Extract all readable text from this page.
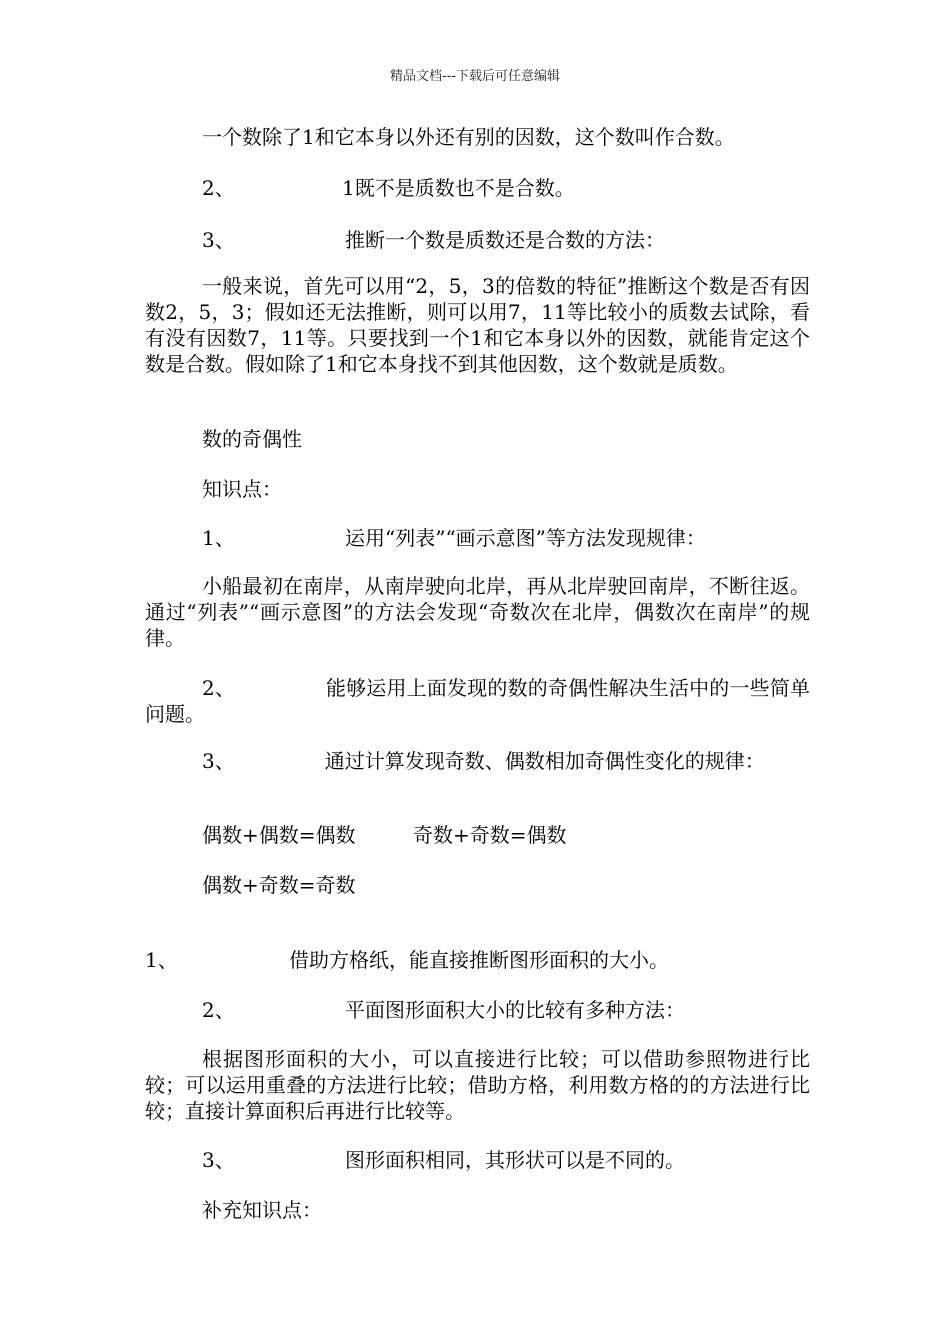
精品文档---下载后可任意编辑
一个数除了1和它本身以外还有别的因数，这个数叫作合数。
2、	1既不是质数也不是合数。
3、	推断一个数是质数还是合数的方法：
一般来说，首先可以用“2，5，3的倍数的特征”推断这个数是否有因数2，5，3；假如还无法推断，则可以用7，11等比较小的质数去试除，看有没有因数7，11等。只要找到一个1和它本身以外的因数，就能肯定这个数是合数。假如除了1和它本身找不到其他因数，这个数就是质数。
数的奇偶性
知识点：
1、	运用“列表”“画示意图”等方法发现规律：
小船最初在南岸，从南岸驶向北岸，再从北岸驶回南岸，不断往返。通过“列表”“画示意图”的方法会发现“奇数次在北岸，偶数次在南岸”的规律。
2、　　　　　能够运用上面发现的数的奇偶性解决生活中的一些简单问题。
3、　　　　　通过计算发现奇数、偶数相加奇偶性变化的规律：
偶数+偶数=偶数	奇数+奇数=偶数
偶数+奇数=奇数
1、	借助方格纸，能直接推断图形面积的大小。
2、	平面图形面积大小的比较有多种方法：
根据图形面积的大小，可以直接进行比较；可以借助参照物进行比较；可以运用重叠的方法进行比较；借助方格，利用数方格的的方法进行比较；直接计算面积后再进行比较等。
3、	图形面积相同，其形状可以是不同的。
补充知识点：
